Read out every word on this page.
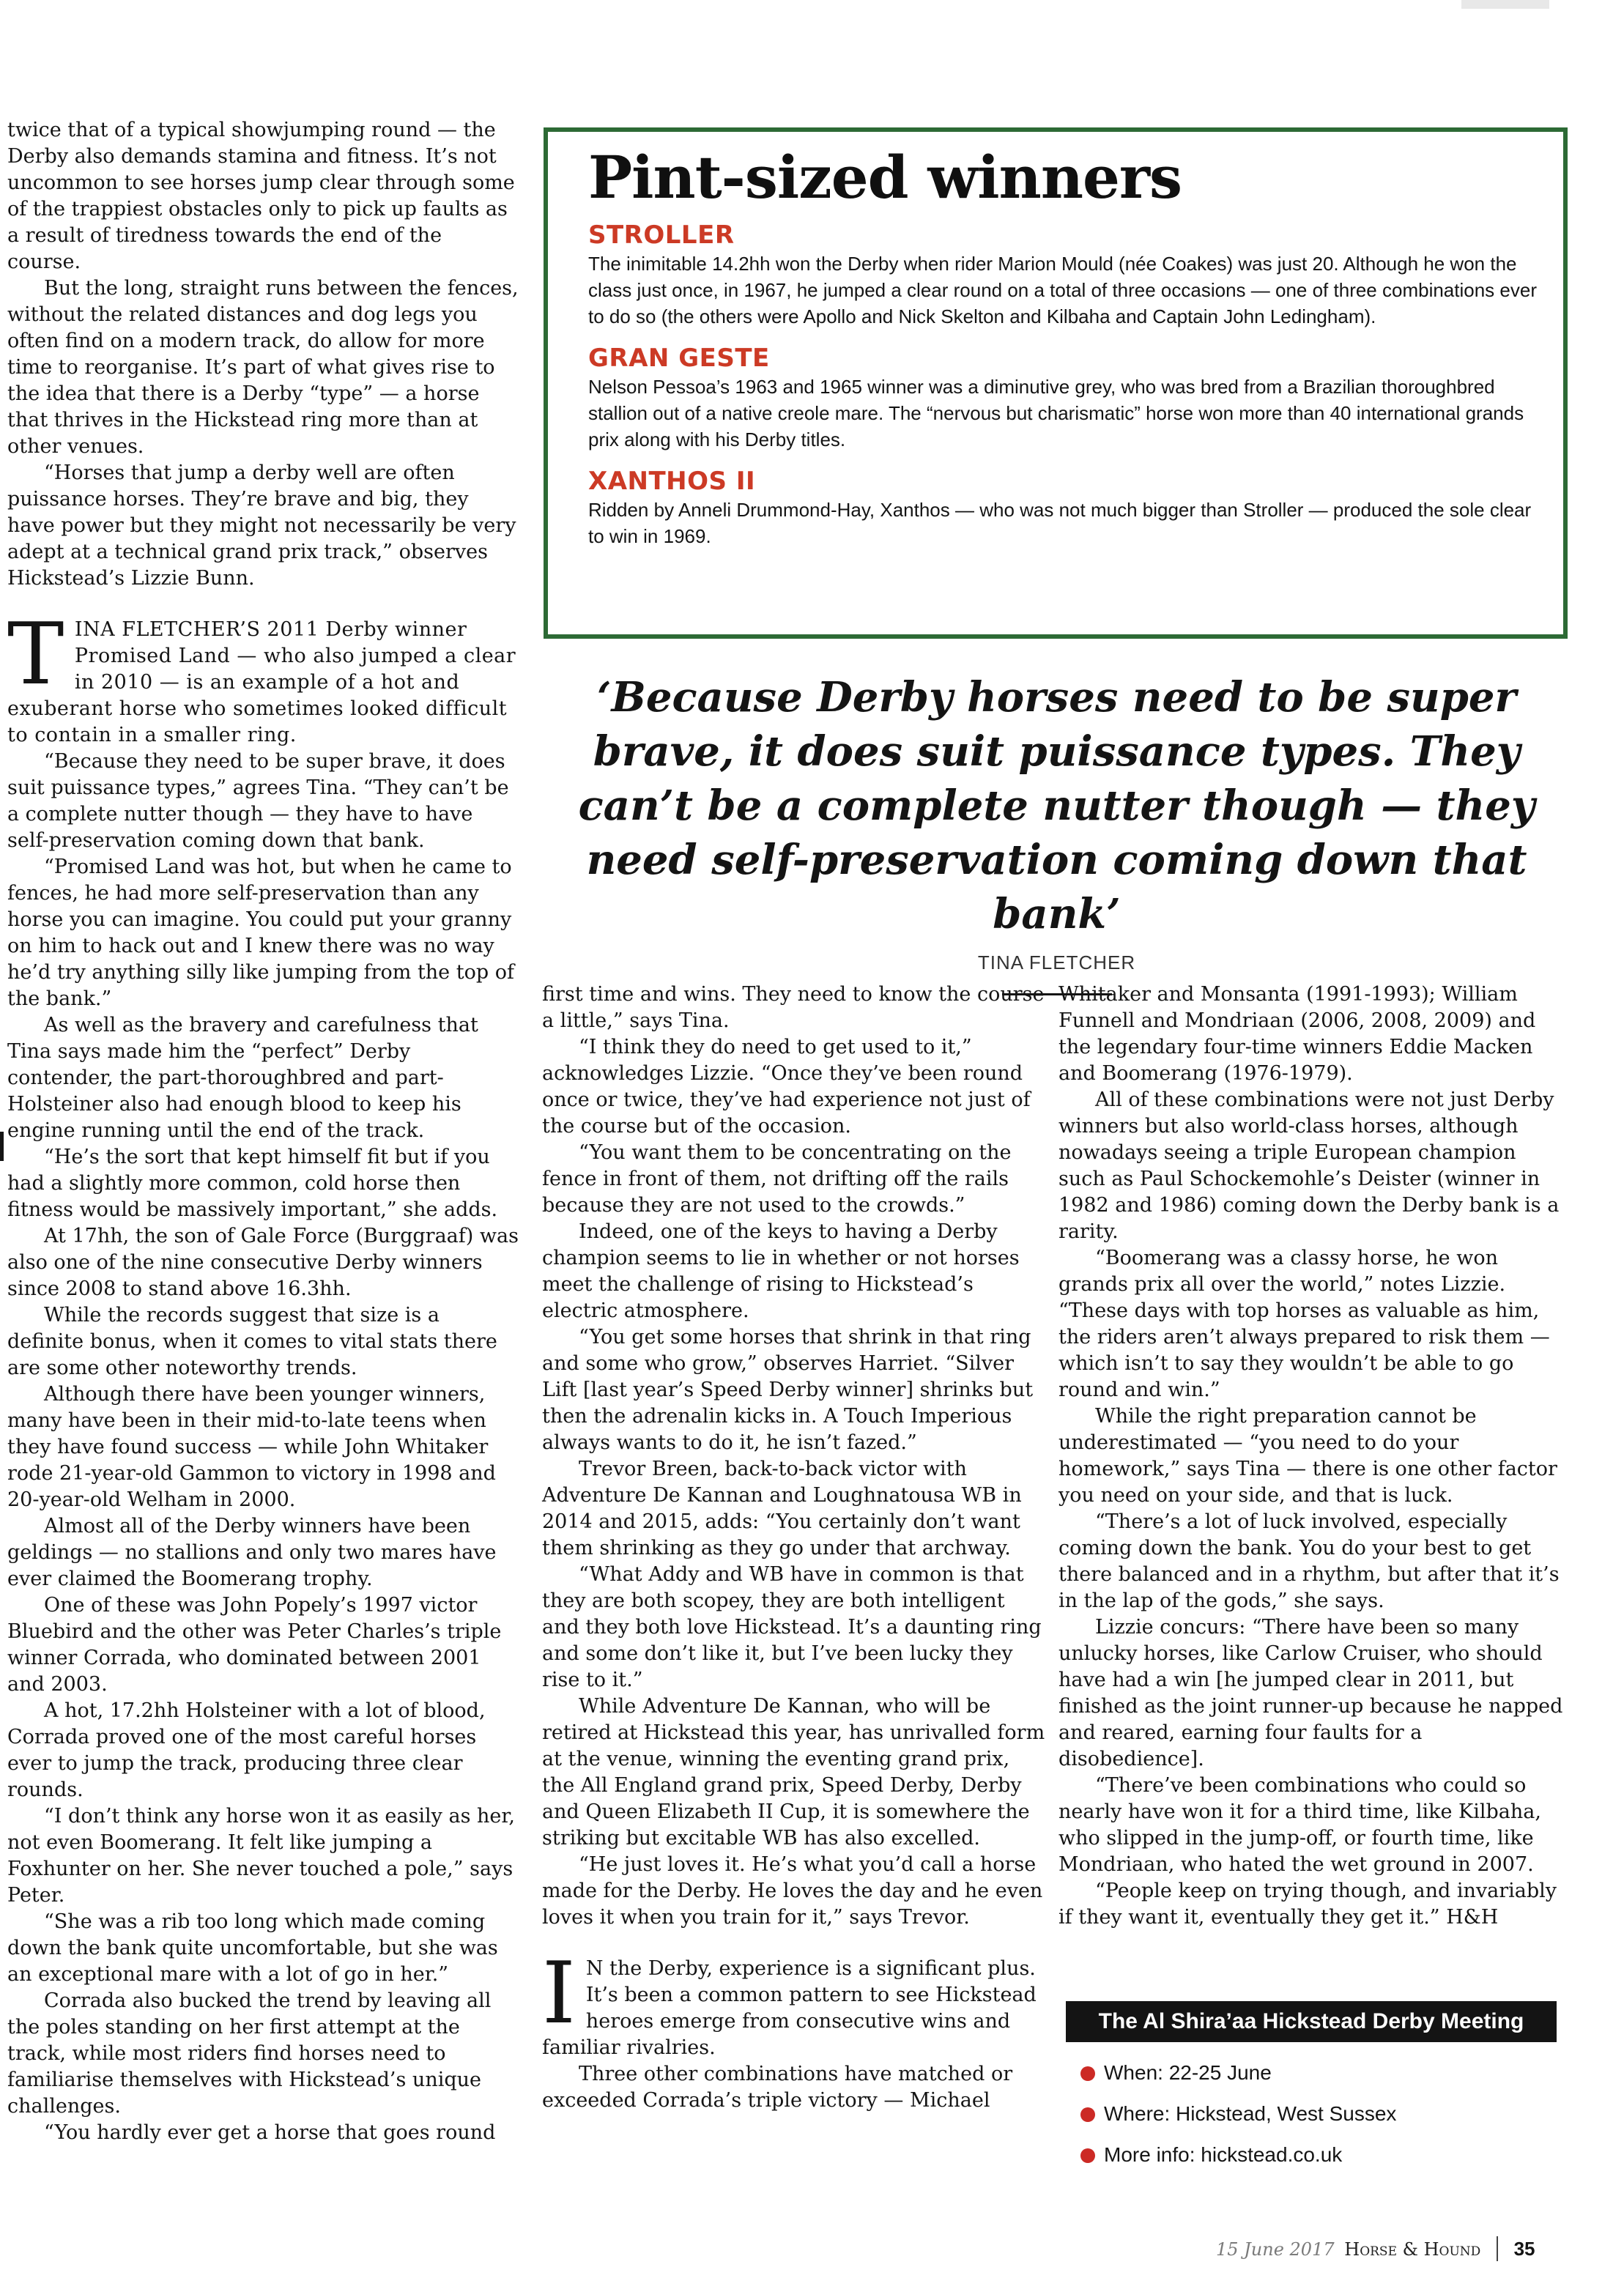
twice that of a typical showjumping round — the Derby also demands stamina and fitness. It’s not uncommon to see horses jump clear through some of the trappiest obstacles only to pick up faults as a result of tiredness towards the end of the course.

But the long, straight runs between the fences, without the related distances and dog legs you often find on a modern track, do allow for more time to reorganise. It’s part of what gives rise to the idea that there is a Derby “type” — a horse that thrives in the Hickstead ring more than at other venues.

“Horses that jump a derby well are often puissance horses. They’re brave and big, they have power but they might not necessarily be very adept at a technical grand prix track,” observes Hickstead’s Lizzie Bunn.

TINA FLETCHER’S 2011 Derby winner Promised Land — who also jumped a clear in 2010 — is an example of a hot and exuberant horse who sometimes looked difficult to contain in a smaller ring.

“Because they need to be super brave, it does suit puissance types,” agrees Tina. “They can’t be a complete nutter though — they have to have self-preservation coming down that bank.

“Promised Land was hot, but when he came to fences, he had more self-preservation than any horse you can imagine. You could put your granny on him to hack out and I knew there was no way he’d try anything silly like jumping from the top of the bank.”

As well as the bravery and carefulness that Tina says made him the “perfect” Derby contender, the part-thoroughbred and part-Holsteiner also had enough blood to keep his engine running until the end of the track.

“He’s the sort that kept himself fit but if you had a slightly more common, cold horse then fitness would be massively important,” she adds.

At 17hh, the son of Gale Force (Burggraaf) was also one of the nine consecutive Derby winners since 2008 to stand above 16.3hh.

While the records suggest that size is a definite bonus, when it comes to vital stats there are some other noteworthy trends.

Although there have been younger winners, many have been in their mid-to-late teens when they have found success — while John Whitaker rode 21-year-old Gammon to victory in 1998 and 20-year-old Welham in 2000.

Almost all of the Derby winners have been geldings — no stallions and only two mares have ever claimed the Boomerang trophy.

One of these was John Popely’s 1997 victor Bluebird and the other was Peter Charles’s triple winner Corrada, who dominated between 2001 and 2003.

A hot, 17.2hh Holsteiner with a lot of blood, Corrada proved one of the most careful horses ever to jump the track, producing three clear rounds.

“I don’t think any horse won it as easily as her, not even Boomerang. It felt like jumping a Foxhunter on her. She never touched a pole,” says Peter.

“She was a rib too long which made coming down the bank quite uncomfortable, but she was an exceptional mare with a lot of go in her.”

Corrada also bucked the trend by leaving all the poles standing on her first attempt at the track, while most riders find horses need to familiarise themselves with Hickstead’s unique challenges.

“You hardly ever get a horse that goes round

Pint-sized winners
STROLLER

The inimitable 14.2hh won the Derby when rider Marion Mould (née Coakes) was just 20. Although he won the class just once, in 1967, he jumped a clear round on a total of three occasions — one of three combinations ever to do so (the others were Apollo and Nick Skelton and Kilbaha and Captain John Ledingham).

GRAN GESTE

Nelson Pessoa’s 1963 and 1965 winner was a diminutive grey, who was bred from a Brazilian thoroughbred stallion out of a native creole mare. The “nervous but charismatic” horse won more than 40 international grands prix along with his Derby titles.

XANTHOS II

Ridden by Anneli Drummond-Hay, Xanthos — who was not much bigger than Stroller — produced the sole clear to win in 1969.

‘Because Derby horses need to be super brave, it does suit puissance types. They can’t be a complete nutter though — they need self-preservation coming down that bank’

TINA FLETCHER

first time and wins. They need to know the course a little,” says Tina.

“I think they do need to get used to it,” acknowledges Lizzie. “Once they’ve been round once or twice, they’ve had experience not just of the course but of the occasion.

“You want them to be concentrating on the fence in front of them, not drifting off the rails because they are not used to the crowds.”

Indeed, one of the keys to having a Derby champion seems to lie in whether or not horses meet the challenge of rising to Hickstead’s electric atmosphere.

“You get some horses that shrink in that ring and some who grow,” observes Harriet. “Silver Lift [last year’s Speed Derby winner] shrinks but then the adrenalin kicks in. A Touch Imperious always wants to do it, he isn’t fazed.”

Trevor Breen, back-to-back victor with Adventure De Kannan and Loughnatousa WB in 2014 and 2015, adds: “You certainly don’t want them shrinking as they go under that archway.

“What Addy and WB have in common is that they are both scopey, they are both intelligent and they both love Hickstead. It’s a daunting ring and some don’t like it, but I’ve been lucky they rise to it.”

While Adventure De Kannan, who will be retired at Hickstead this year, has unrivalled form at the venue, winning the eventing grand prix, the All England grand prix, Speed Derby, Derby and Queen Elizabeth II Cup, it is somewhere the striking but excitable WB has also excelled.

“He just loves it. He’s what you’d call a horse made for the Derby. He loves the day and he even loves it when you train for it,” says Trevor.

IN the Derby, experience is a significant plus. It’s been a common pattern to see Hickstead heroes emerge from consecutive wins and familiar rivalries.

Three other combinations have matched or exceeded Corrada’s triple victory — Michael

Whitaker and Monsanta (1991-1993); William Funnell and Mondriaan (2006, 2008, 2009) and the legendary four-time winners Eddie Macken and Boomerang (1976-1979).

All of these combinations were not just Derby winners but also world-class horses, although nowadays seeing a triple European champion such as Paul Schockemohle’s Deister (winner in 1982 and 1986) coming down the Derby bank is a rarity.

“Boomerang was a classy horse, he won grands prix all over the world,” notes Lizzie. “These days with top horses as valuable as him, the riders aren’t always prepared to risk them — which isn’t to say they wouldn’t be able to go round and win.”

While the right preparation cannot be underestimated — “you need to do your homework,” says Tina — there is one other factor you need on your side, and that is luck.

“There’s a lot of luck involved, especially coming down the bank. You do your best to get there balanced and in a rhythm, but after that it’s in the lap of the gods,” she says.

Lizzie concurs: “There have been so many unlucky horses, like Carlow Cruiser, who should have had a win [he jumped clear in 2011, but finished as the joint runner-up because he napped and reared, earning four faults for a disobedience].

“There’ve been combinations who could so nearly have won it for a third time, like Kilbaha, who slipped in the jump-off, or fourth time, like Mondriaan, who hated the wet ground in 2007.

“People keep on trying though, and invariably if they want it, eventually they get it.” H&H

The Al Shira’aa Hickstead Derby Meeting
When: 22-25 June
Where: Hickstead, West Sussex
More info: hickstead.co.uk
15 June 2017 Horse & Hound 35
